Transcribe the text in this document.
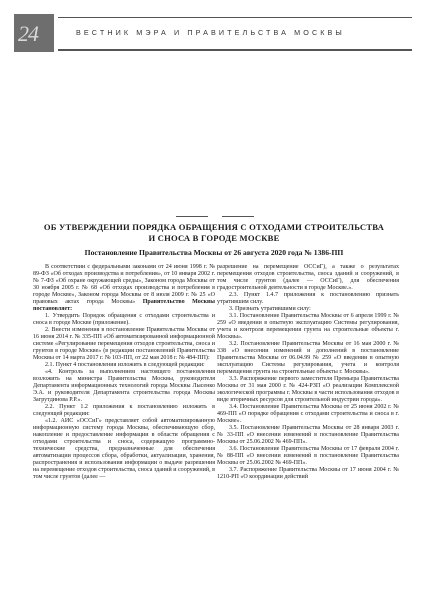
24	ВЕСТНИК МЭРА И ПРАВИТЕЛЬСТВА МОСКВЫ
ОБ УТВЕРЖДЕНИИ ПОРЯДКА ОБРАЩЕНИЯ С ОТХОДАМИ СТРОИТЕЛЬСТВА
И СНОСА В ГОРОДЕ МОСКВЕ
Постановление Правительства Москвы от 26 августа 2020 года № 1386-ПП

В соответствии с федеральными законами от 24 июня 1998 г. № 89-ФЗ «Об отходах производства и потребления», от 10 января 2002 г. № 7-ФЗ «Об охране окружающей среды», Законом города Москвы от 30 ноября 2005 г. № 68 «Об отходах производства и потребления в городе Москве», Законом города Москвы от 8 июля 2009 г. № 25 «О правовых актах города Москвы» Правительство Москвы постановляет:

1. Утвердить Порядок обращения с отходами строительства и сноса в городе Москве (приложение).

2. Внести изменения в постановление Правительства Москвы от 16 июня 2014 г. № 335-ПП «Об автоматизированной информационной системе «Регулирование перемещения отходов строительства, сноса и грунтов в городе Москве» (в редакции постановлений Правительства Москвы от 14 марта 2017 г. № 103-ПП, от 22 мая 2018 г. № 484-ПП):

2.1. Пункт 4 постановления изложить в следующей редакции:

«4. Контроль за выполнением настоящего постановления возложить на министра Правительства Москвы, руководителя Департамента информационных технологий города Москвы Лысенко Э.А. и руководителя Департамента строительства города Москвы Загрутдинова Р.Р.».

2.2. Пункт 1.2 приложения к постановлению изложить в следующей редакции:

«1.2. АИС «ОССиГ» представляет собой автоматизированную информационную систему города Москвы, обеспечивающую сбор, накопление и предоставление информации в области обращения с отходами строительства и сноса, содержащую программно-технические средства, предназначенные для обеспечения автоматизации процессов сбора, обработки, актуализации, хранения, распространения и использования информации о выдаче разрешения на перемещение отходов строительства, сноса зданий и сооружений, в том числе грунтов (далее —

разрешение на перемещение ОССиГ), а также о результатах перемещения отходов строительства, сноса зданий и сооружений, в том числе грунтов (далее — ОССиГ), для обеспечения градостроительной деятельности в городе Москве.».

2.3. Пункт 1.4.7 приложения к постановлению признать утратившим силу.

3. Признать утратившими силу:

3.1. Постановление Правительства Москвы от 6 апреля 1999 г. № 259 «О введении в опытную эксплуатацию Системы регулирования, учета и контроля перемещения грунта на строительные объекты г. Москвы».

3.2. Постановление Правительства Москвы от 16 мая 2000 г. № 338 «О внесении изменений и дополнений в постановление Правительства Москвы от 06.04.99 № 259 «О введении в опытную эксплуатацию Системы регулирования, учета и контроля перемещения грунта на строительные объекты г. Москвы».

3.3. Распоряжение первого заместителя Премьера Правительства Москвы от 31 мая 2000 г. № 424-РЗП «О реализации Комплексной экологической программы г. Москвы в части использования отходов в виде вторичных ресурсов для строительной индустрии города».

3.4. Постановление Правительства Москвы от 25 июня 2002 г. № 469-ПП «О порядке обращения с отходами строительства и сноса в г. Москве».

3.5. Постановление Правительства Москвы от 28 января 2003 г. № 33-ПП «О внесении изменений в постановление Правительства Москвы от 25.06.2002 № 469-ПП».

3.6. Постановление Правительства Москвы от 17 февраля 2004 г. № 88-ПП «О внесении изменений в постановление Правительства Москвы от 25.06.2002 № 469-ПП».

3.7. Распоряжение Правительства Москвы от 17 июня 2004 г. № 1210-РП «О координации действий
